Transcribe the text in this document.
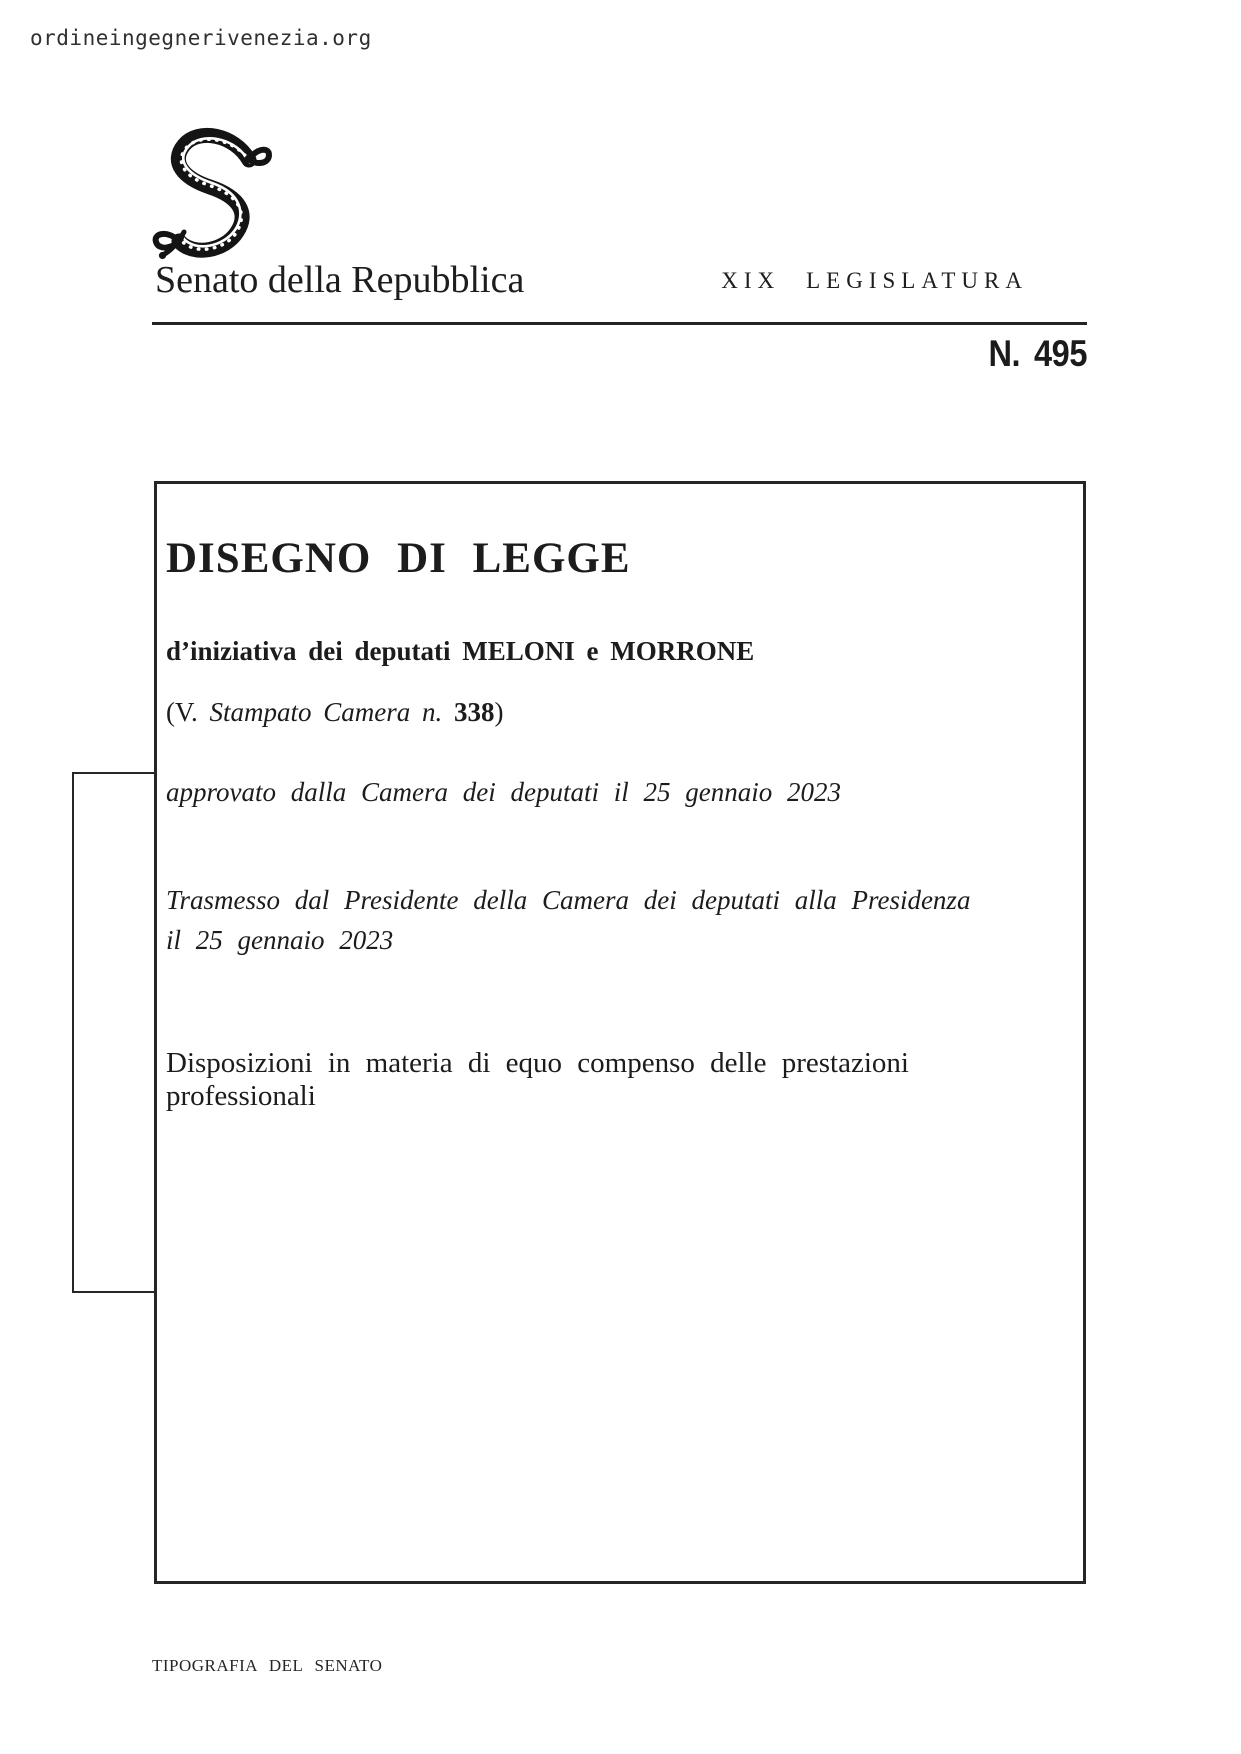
ordineingegnerivenezia.org
Senato della Repubblica	XIX LEGISLATURA
N. 495
DISEGNO DI LEGGE
d’iniziativa dei deputati MELONI e MORRONE
(V. Stampato Camera n. 338)
approvato dalla Camera dei deputati il 25 gennaio 2023
Trasmesso dal Presidente della Camera dei deputati alla Presidenza
il 25 gennaio 2023
Disposizioni in materia di equo compenso delle prestazioni professionali
TIPOGRAFIA DEL SENATO
